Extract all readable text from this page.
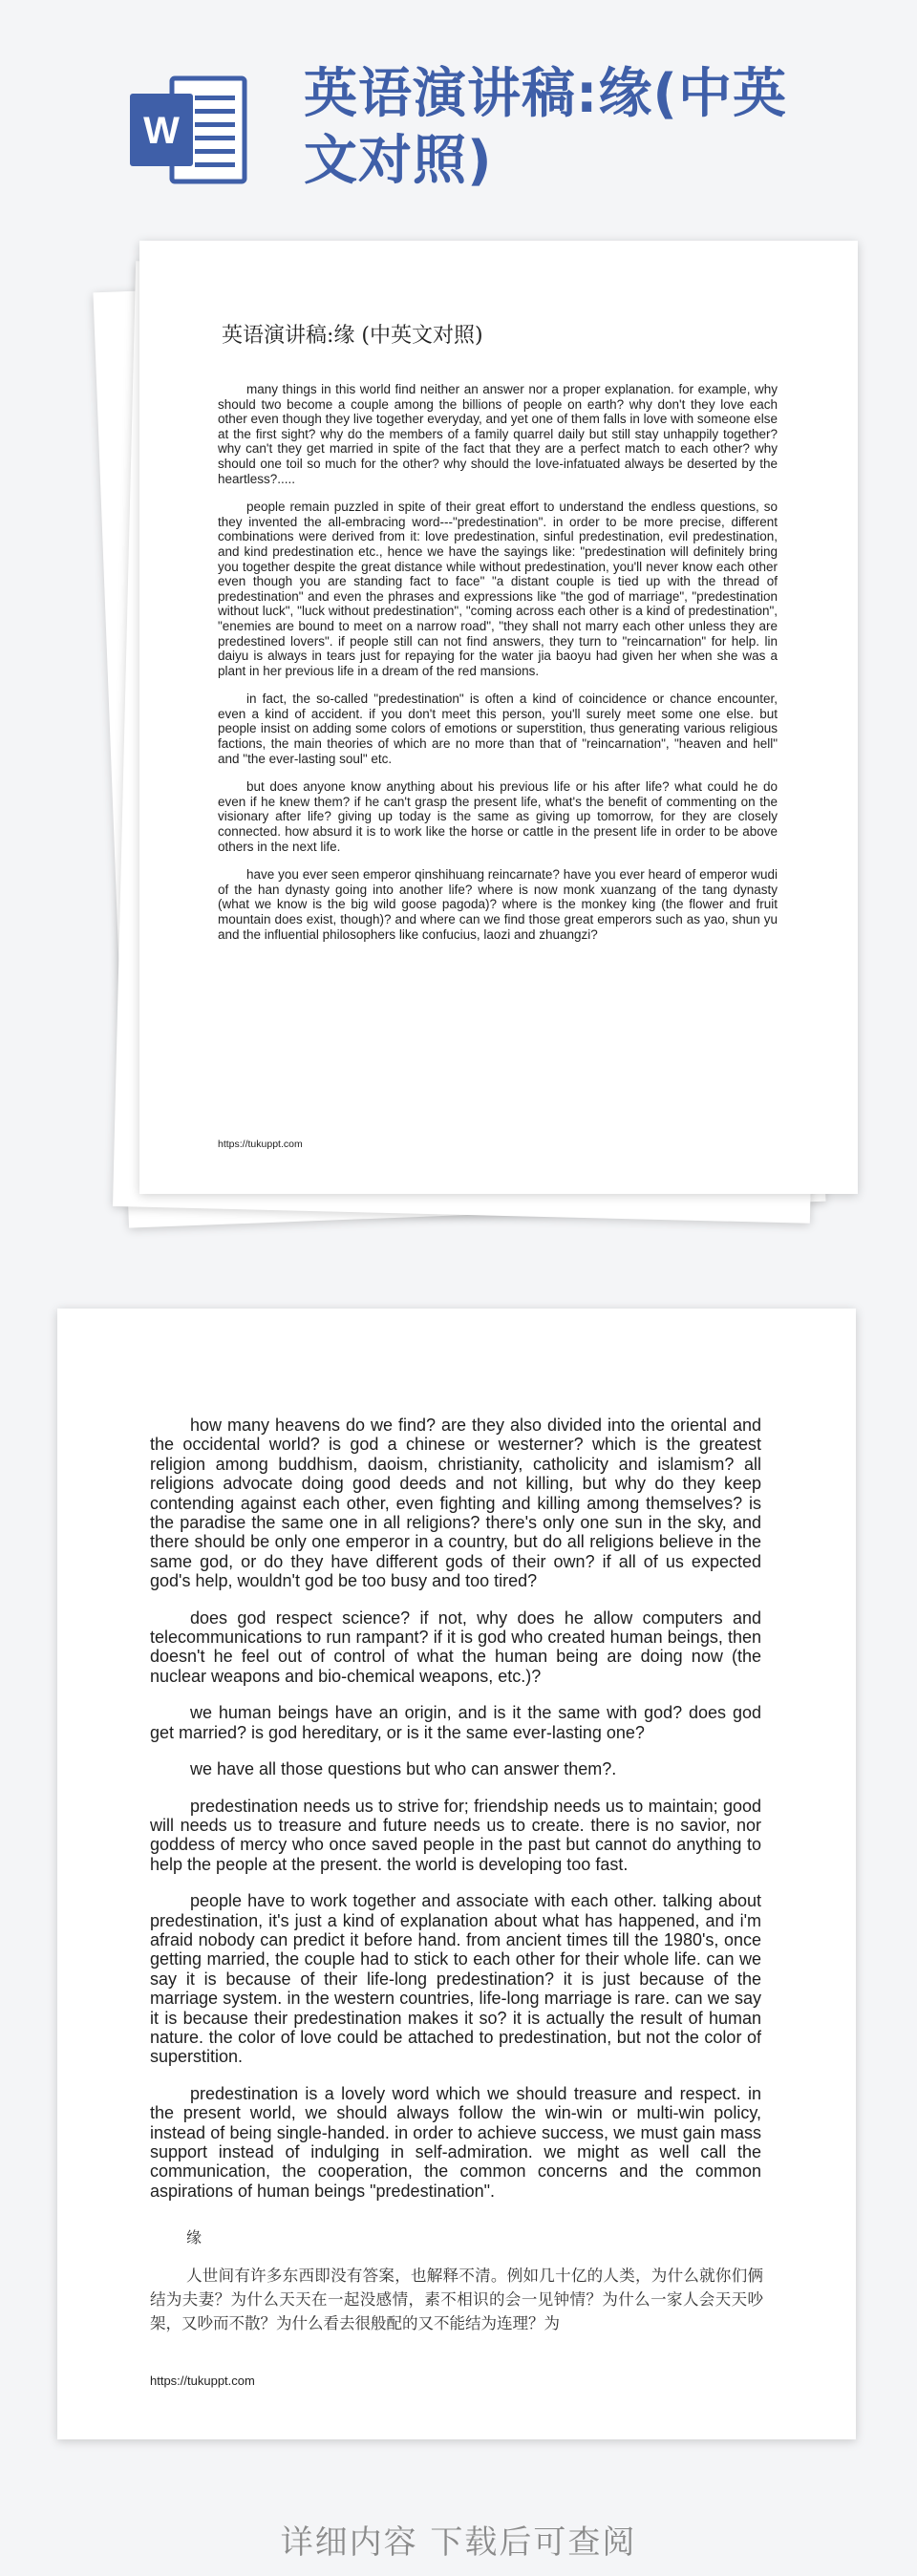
W
英语演讲稿:缘(中英
文对照)
英语演讲稿:缘 (中英文对照)

many things in this world find neither an answer nor a proper explanation. for example, why should two become a couple among the billions of people on earth? why don't they love each other even though they live together everyday, and yet one of them falls in love with someone else at the first sight? why do the members of a family quarrel daily but still stay unhappily together? why can't they get married in spite of the fact that they are a perfect match to each other? why should one toil so much for the other? why should the love-infatuated always be deserted by the heartless?.....

people remain puzzled in spite of their great effort to understand the endless questions, so they invented the all-embracing word---"predestination". in order to be more precise, different combinations were derived from it: love predestination, sinful predestination, evil predestination, and kind predestination etc., hence we have the sayings like: "predestination will definitely bring you together despite the great distance while without predestination, you'll never know each other even though you are standing fact to face" "a distant couple is tied up with the thread of predestination" and even the phrases and expressions like "the god of marriage", "predestination without luck", "luck without predestination", "coming across each other is a kind of predestination", "enemies are bound to meet on a narrow road", "they shall not marry each other unless they are predestined lovers". if people still can not find answers, they turn to "reincarnation" for help. lin daiyu is always in tears just for repaying for the water jia baoyu had given her when she was a plant in her previous life in a dream of the red mansions.

in fact, the so-called "predestination" is often a kind of coincidence or chance encounter, even a kind of accident. if you don't meet this person, you'll surely meet some one else. but people insist on adding some colors of emotions or superstition, thus generating various religious factions, the main theories of which are no more than that of "reincarnation", "heaven and hell" and "the ever-lasting soul" etc.

but does anyone know anything about his previous life or his after life? what could he do even if he knew them? if he can't grasp the present life, what's the benefit of commenting on the visionary after life? giving up today is the same as giving up tomorrow, for they are closely connected. how absurd it is to work like the horse or cattle in the present life in order to be above others in the next life.

have you ever seen emperor qinshihuang reincarnate? have you ever heard of emperor wudi of the han dynasty going into another life? where is now monk xuanzang of the tang dynasty (what we know is the big wild goose pagoda)? where is the monkey king (the flower and fruit mountain does exist, though)? and where can we find those great emperors such as yao, shun yu and the influential philosophers like confucius, laozi and zhuangzi?

https://tukuppt.com

how many heavens do we find? are they also divided into the oriental and the occidental world? is god a chinese or westerner? which is the greatest religion among buddhism, daoism, christianity, catholicity and islamism? all religions advocate doing good deeds and not killing, but why do they keep contending against each other, even fighting and killing among themselves? is the paradise the same one in all religions? there's only one sun in the sky, and there should be only one emperor in a country, but do all religions believe in the same god, or do they have different gods of their own? if all of us expected god's help, wouldn't god be too busy and too tired?

does god respect science? if not, why does he allow computers and telecommunications to run rampant? if it is god who created human beings, then doesn't he feel out of control of what the human being are doing now (the nuclear weapons and bio-chemical weapons, etc.)?

we human beings have an origin, and is it the same with god? does god get married? is god hereditary, or is it the same ever-lasting one?

we have all those questions but who can answer them?.

predestination needs us to strive for; friendship needs us to maintain; good will needs us to treasure and future needs us to create. there is no savior, nor goddess of mercy who once saved people in the past but cannot do anything to help the people at the present. the world is developing too fast.

people have to work together and associate with each other. talking about predestination, it's just a kind of explanation about what has happened, and i'm afraid nobody can predict it before hand. from ancient times till the 1980's, once getting married, the couple had to stick to each other for their whole life. can we say it is because of their life-long predestination? it is just because of the marriage system. in the western countries, life-long marriage is rare. can we say it is because their predestination makes it so? it is actually the result of human nature. the color of love could be attached to predestination, but not the color of superstition.

predestination is a lovely word which we should treasure and respect. in the present world, we should always follow the win-win or multi-win policy, instead of being single-handed. in order to achieve success, we must gain mass support instead of indulging in self-admiration. we might as well call the communication, the cooperation, the common concerns and the common aspirations of human beings "predestination".

缘
人世间有许多东西即没有答案，也解释不清。例如几十亿的人类，为什么就你们俩结为夫妻？为什么天天在一起没感情，素不相识的会一见钟情？为什么一家人会天天吵架，又吵而不散？为什么看去很般配的又不能结为连理？为
https://tukuppt.com
详细内容 下载后可查阅
